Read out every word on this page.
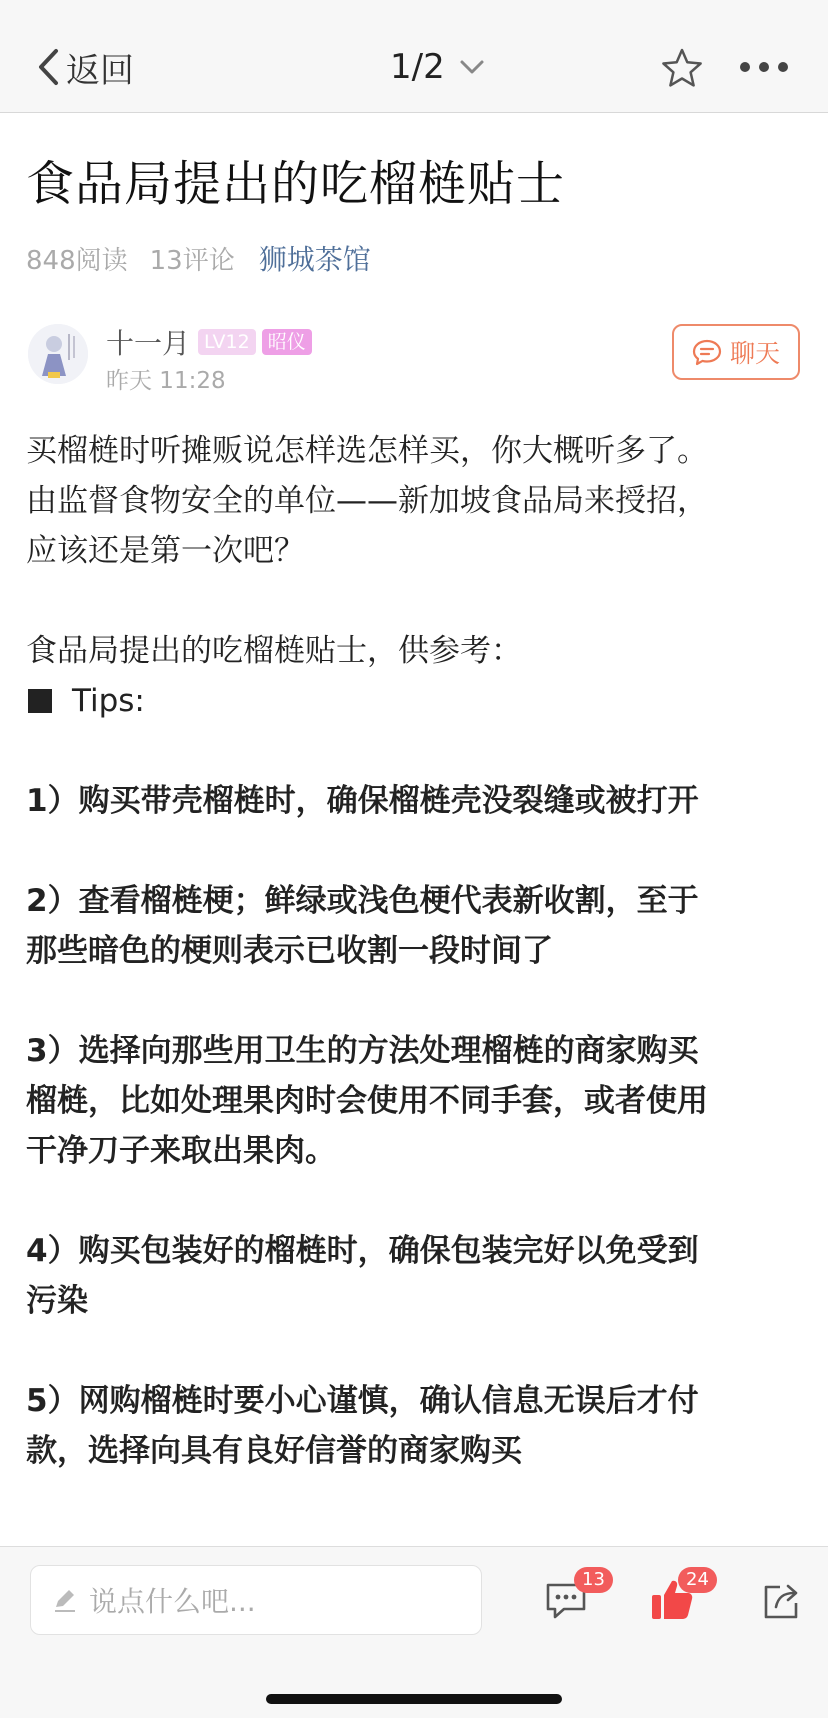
返回	1/2
食品局提出的吃榴梿贴士
848阅读 13评论 狮城茶馆
十一月 LV12 昭仪
昨天 11:28
聊天

买榴梿时听摊贩说怎样选怎样买，你大概听多了。

由监督食物安全的单位——新加坡食品局来授招，

应该还是第一次吧？

食品局提出的吃榴梿贴士，供参考：

Tips:

1）购买带壳榴梿时，确保榴梿壳没裂缝或被打开

2）查看榴梿梗；鲜绿或浅色梗代表新收割，至于

那些暗色的梗则表示已收割一段时间了

3）选择向那些用卫生的方法处理榴梿的商家购买

榴梿，比如处理果肉时会使用不同手套，或者使用

干净刀子来取出果肉。

4）购买包装好的榴梿时，确保包装完好以免受到

污染

5）网购榴梿时要小心谨慎，确认信息无误后才付

款，选择向具有良好信誉的商家购买

说点什么吧...
13	24
